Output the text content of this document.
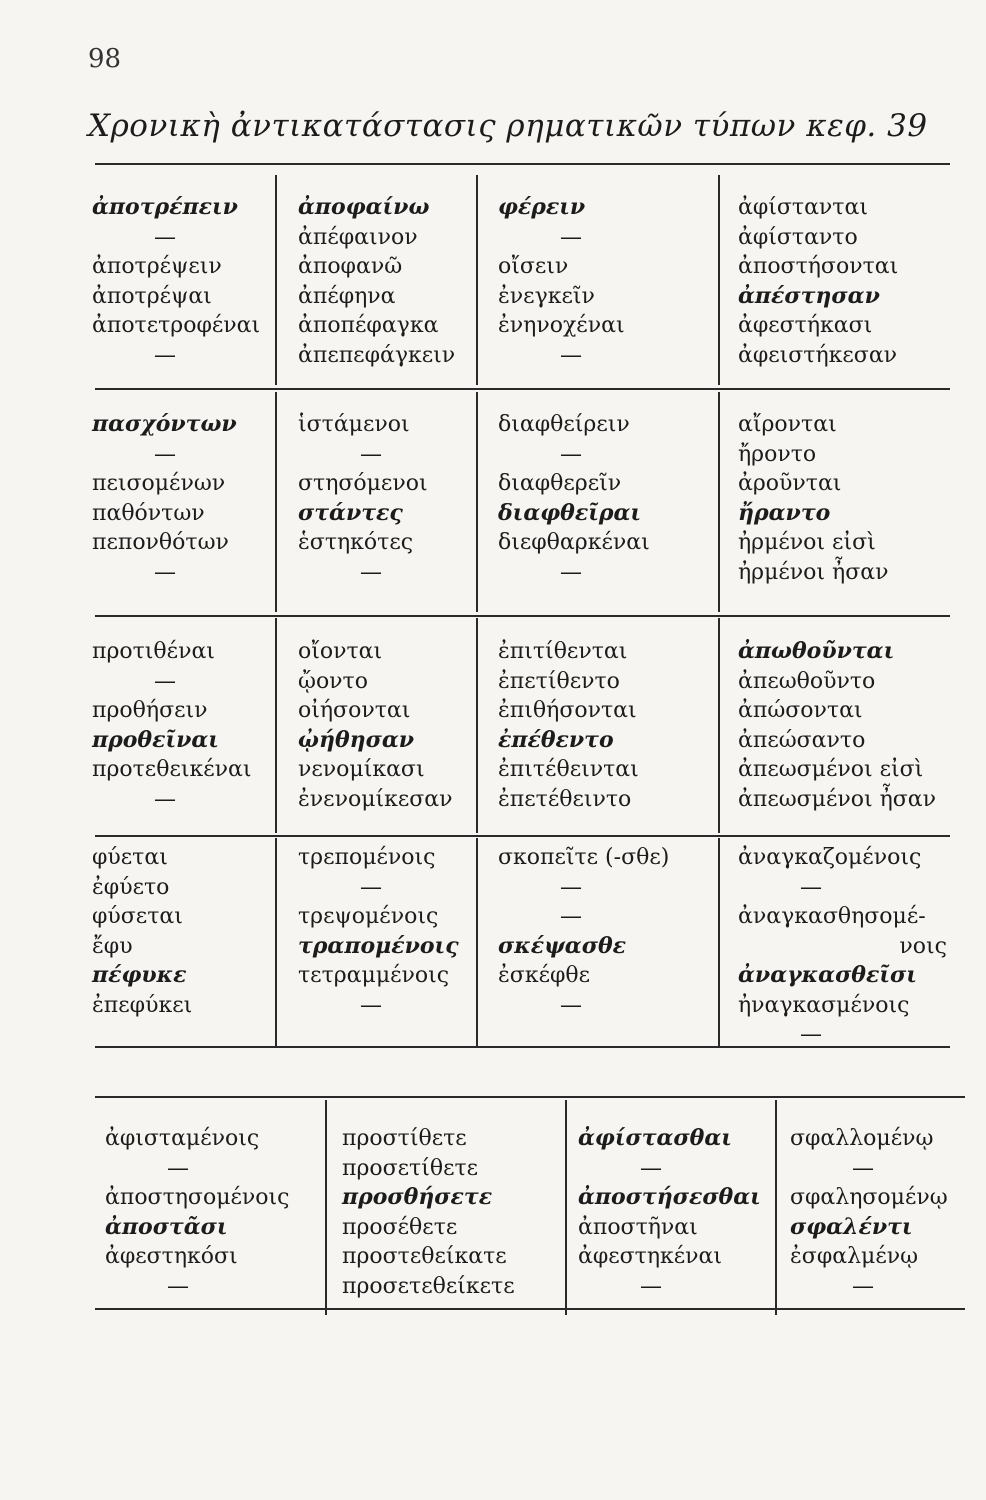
98
Χρονικὴ ἀντικατάστασις ρηματικῶν τύπων κεφ. 39
ἀποτρέπειν
—
ἀποτρέψειν
ἀποτρέψαι
ἀποτετροφέναι
—
ἀποφαίνω
ἀπέφαινον
ἀποφανῶ
ἀπέφηνα
ἀποπέφαγκα
ἀπεπεφάγκειν
φέρειν
—
οἴσειν
ἐνεγκεῖν
ἐνηνοχέναι
—
ἀφίστανται
ἀφίσταντο
ἀποστήσονται
ἀπέστησαν
ἀφεστήκασι
ἀφειστήκεσαν
πασχόντων
—
πεισομένων
παθόντων
πεπονθότων
—
ἱστάμενοι
—
στησόμενοι
στάντες
ἑστηκότες
—
διαφθείρειν
—
διαφθερεῖν
διαφθεῖραι
διεφθαρκέναι
—
αἴρονται
ἤροντο
ἀροῦνται
ἤραντο
ἠρμένοι εἰσὶ
ἠρμένοι ἦσαν
προτιθέναι
—
προθήσειν
προθεῖναι
προτεθεικέναι
—
οἴονται
ᾤοντο
οἰήσονται
ᾠήθησαν
νενομίκασι
ἐνενομίκεσαν
ἐπιτίθενται
ἐπετίθεντο
ἐπιθήσονται
ἐπέθεντο
ἐπιτέθεινται
ἐπετέθειντο
ἀπωθοῦνται
ἀπεωθοῦντο
ἀπώσονται
ἀπεώσαντο
ἀπεωσμένοι εἰσὶ
ἀπεωσμένοι ἦσαν
φύεται
ἐφύετο
φύσεται
ἔφυ
πέφυκε
ἐπεφύκει
τρεπομένοις
—
τρεψομένοις
τραπομένοις
τετραμμένοις
—
σκοπεῖτε (-σθε)
—
—
σκέψασθε
ἐσκέφθε
—
ἀναγκαζομένοις
—
ἀναγκασθησομέ-
νοις
ἀναγκασθεῖσι
ἠναγκασμένοις
—
ἀφισταμένοις
—
ἀποστησομένοις
ἀποστᾶσι
ἀφεστηκόσι
—
προστίθετε
προσετίθετε
προσθήσετε
προσέθετε
προστεθείκατε
προσετεθείκετε
ἀφίστασθαι
—
ἀποστήσεσθαι
ἀποστῆναι
ἀφεστηκέναι
—
σφαλλομένῳ
—
σφαλησομένῳ
σφαλέντι
ἐσφαλμένῳ
—
